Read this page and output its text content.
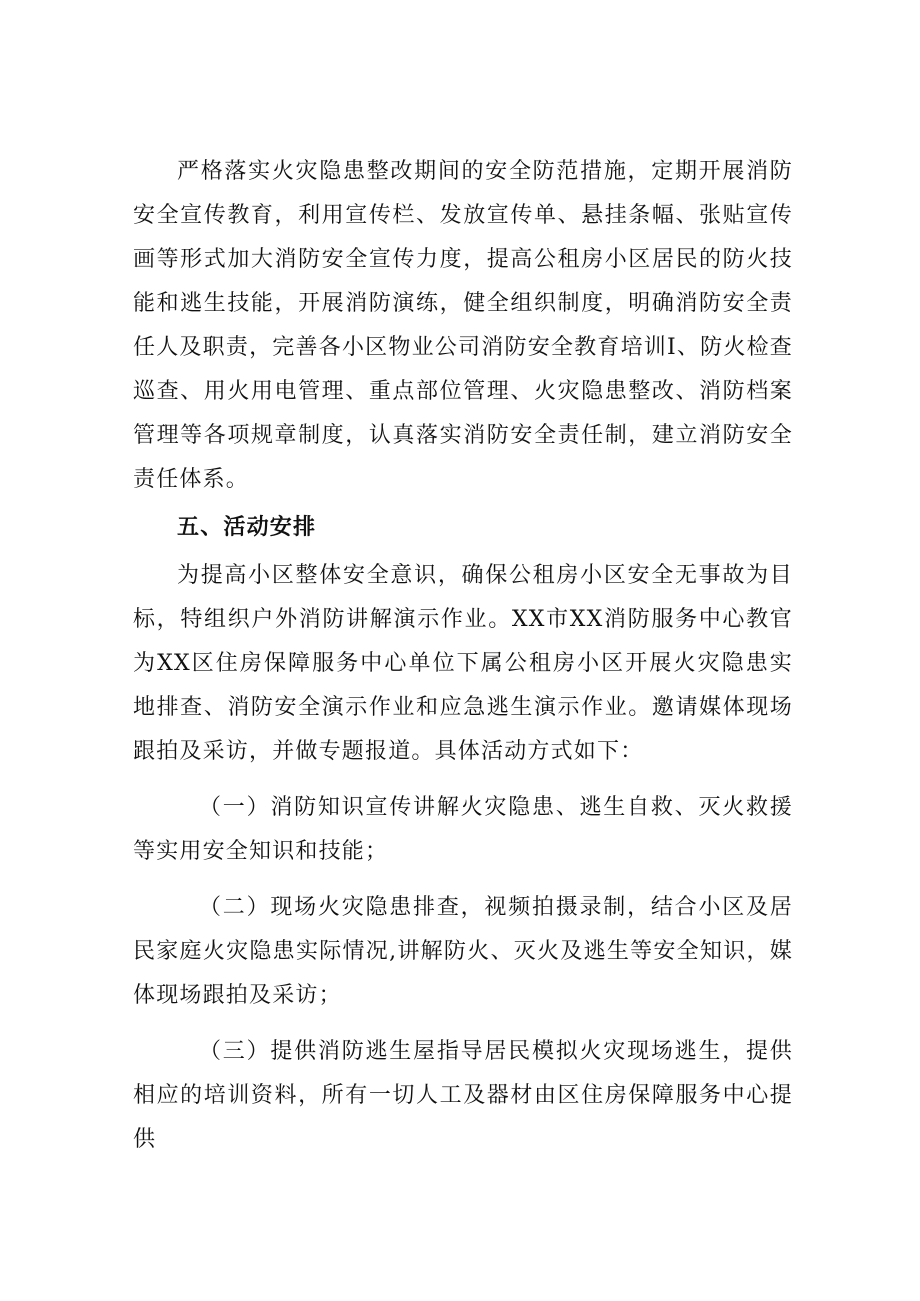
严格落实火灾隐患整改期间的安全防范措施，定期开展消防安全宣传教育，利用宣传栏、发放宣传单、悬挂条幅、张贴宣传画等形式加大消防安全宣传力度，提高公租房小区居民的防火技能和逃生技能，开展消防演练，健全组织制度，明确消防安全责任人及职责，完善各小区物业公司消防安全教育培训I、防火检查巡查、用火用电管理、重点部位管理、火灾隐患整改、消防档案管理等各项规章制度，认真落实消防安全责任制，建立消防安全责任体系。

五、活动安排

为提高小区整体安全意识，确保公租房小区安全无事故为目标，特组织户外消防讲解演示作业。XX市XX消防服务中心教官为XX区住房保障服务中心单位下属公租房小区开展火灾隐患实地排查、消防安全演示作业和应急逃生演示作业。邀请媒体现场跟拍及采访，并做专题报道。具体活动方式如下：

（一）消防知识宣传讲解火灾隐患、逃生自救、灭火救援等实用安全知识和技能；

（二）现场火灾隐患排查，视频拍摄录制，结合小区及居民家庭火灾隐患实际情况,讲解防火、灭火及逃生等安全知识，媒体现场跟拍及采访；

（三）提供消防逃生屋指导居民模拟火灾现场逃生，提供相应的培训资料，所有一切人工及器材由区住房保障服务中心提供
